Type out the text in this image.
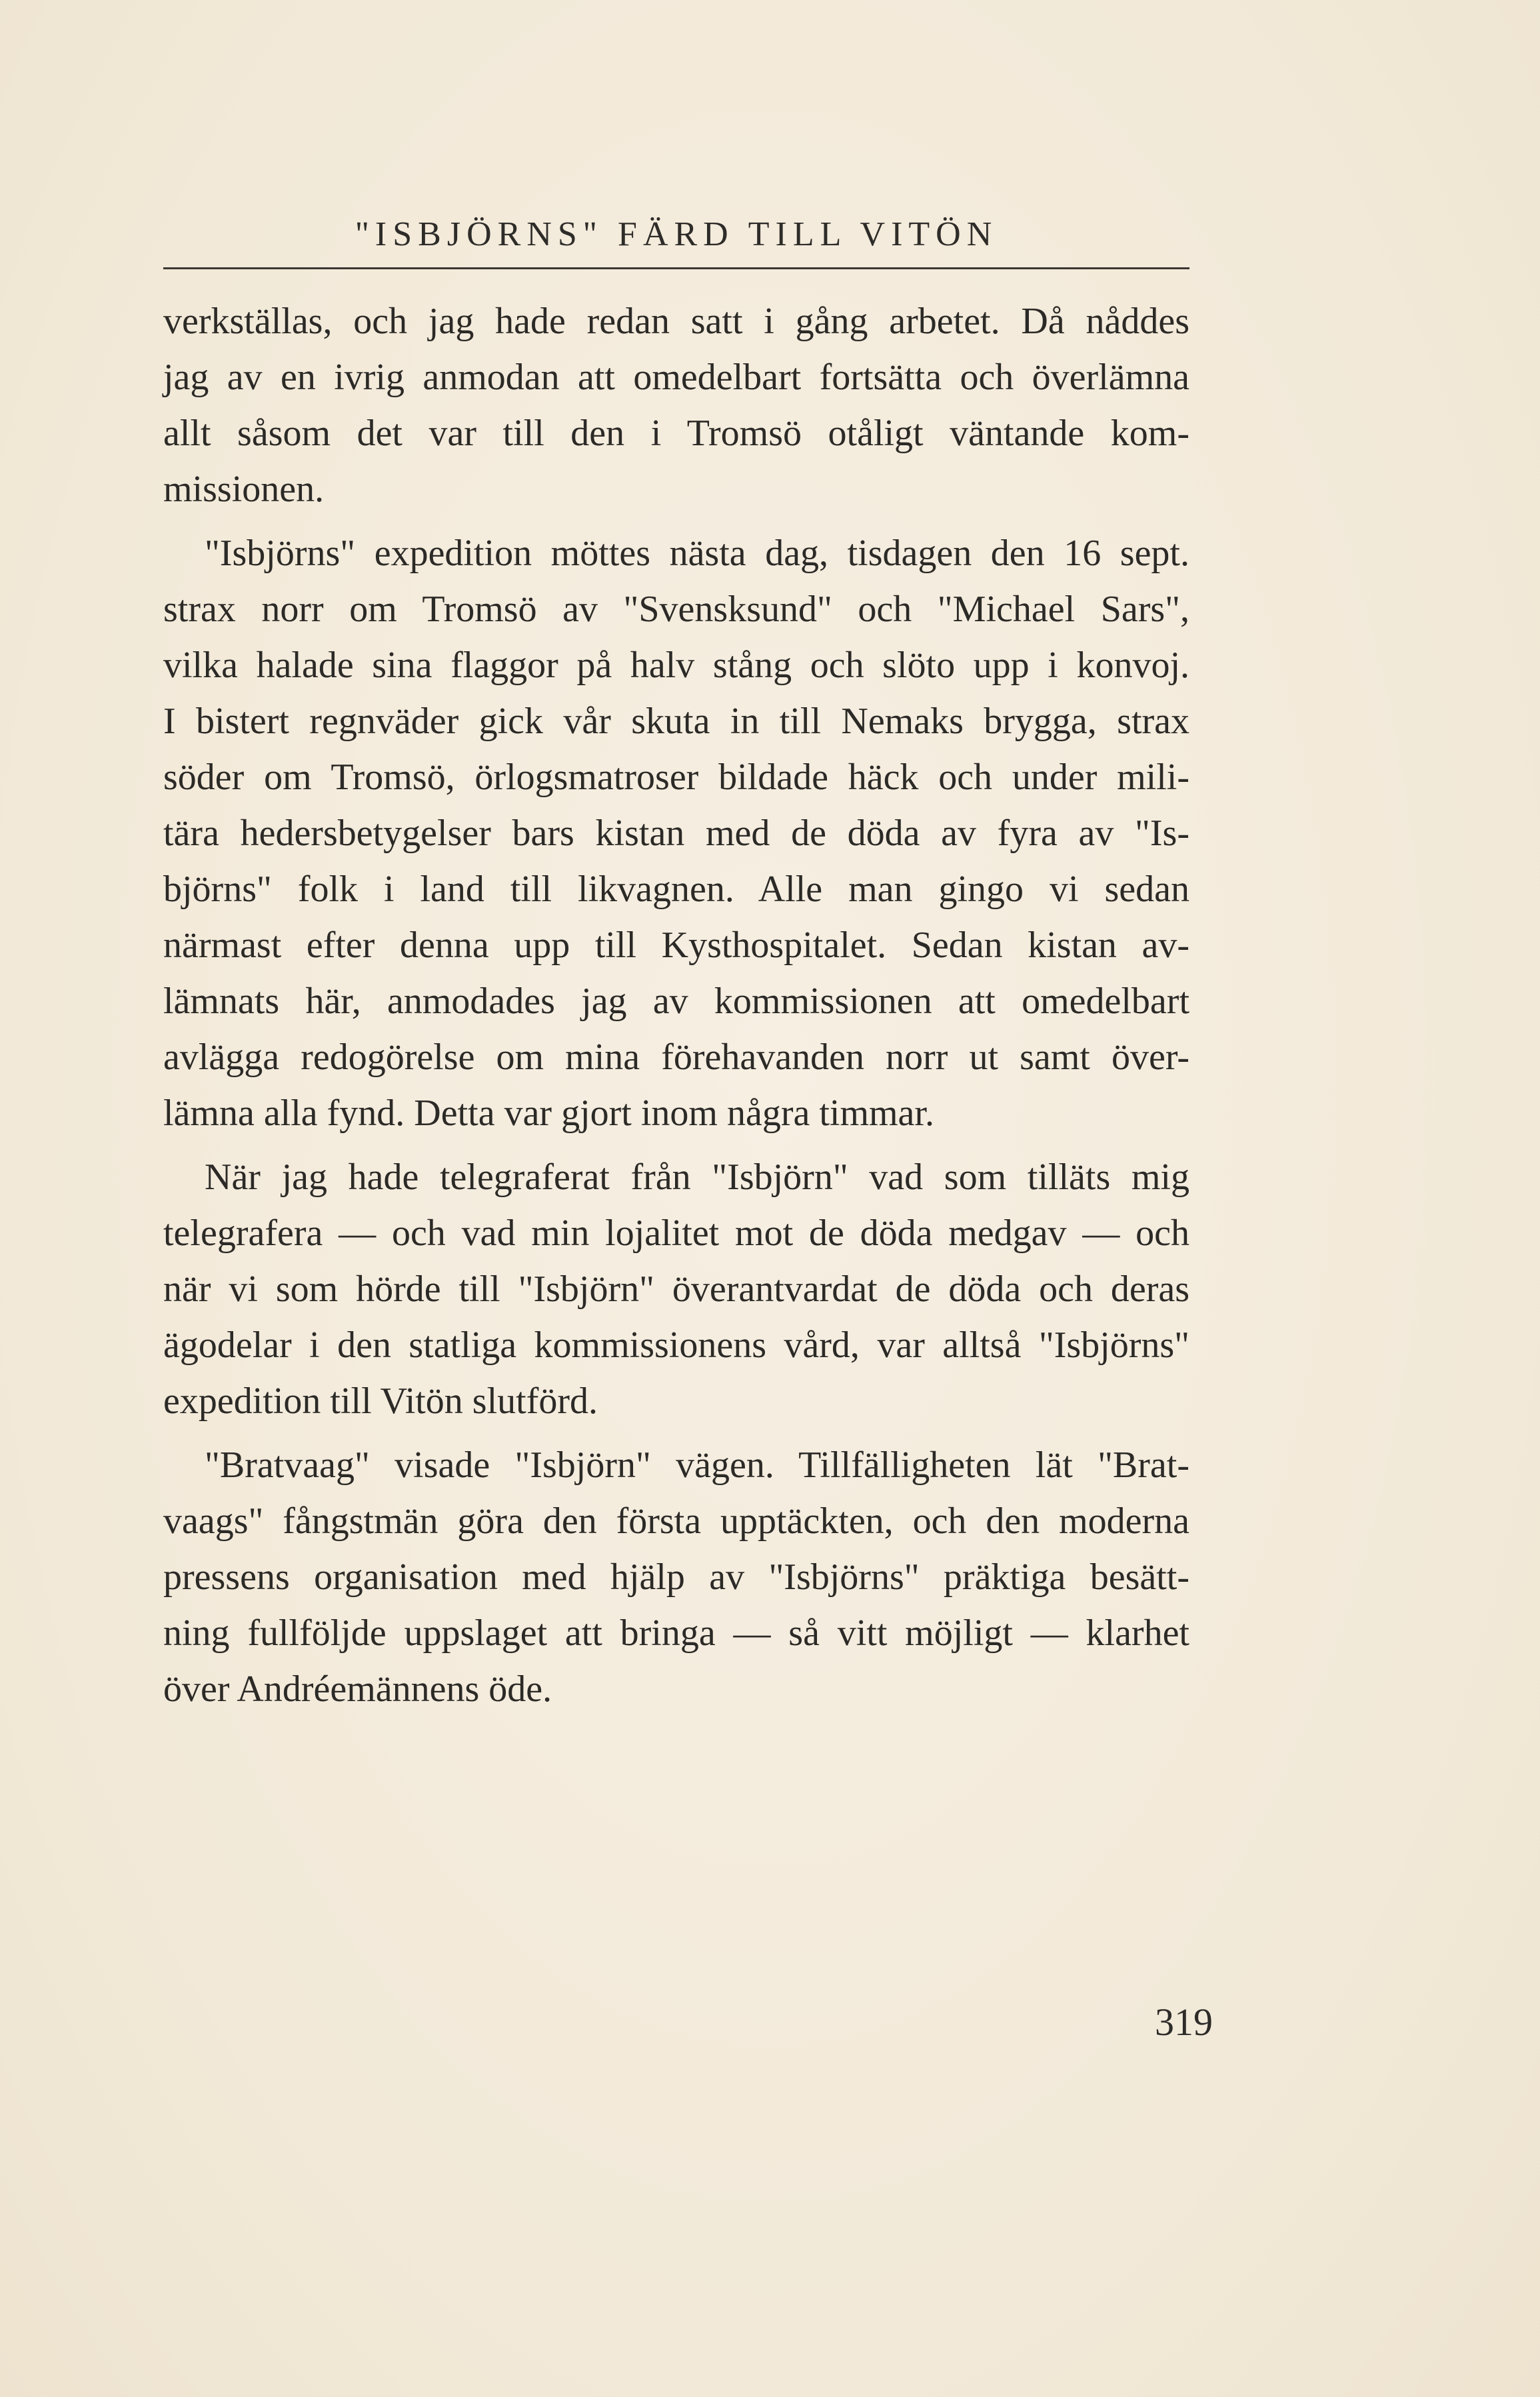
"ISBJÖRNS" FÄRD TILL VITÖN

verkställas, och jag hade redan satt i gång arbetet. Då nåddes
jag av en ivrig anmodan att omedelbart fortsätta och överlämna
allt såsom det var till den i Tromsö otåligt väntande kom-
missionen.

"Isbjörns" expedition möttes nästa dag, tisdagen den 16 sept.
strax norr om Tromsö av "Svensksund" och "Michael Sars",
vilka halade sina flaggor på halv stång och slöto upp i konvoj.
I bistert regnväder gick vår skuta in till Nemaks brygga, strax
söder om Tromsö, örlogsmatroser bildade häck och under mili-
tära hedersbetygelser bars kistan med de döda av fyra av "Is-
björns" folk i land till likvagnen. Alle man gingo vi sedan
närmast efter denna upp till Kysthospitalet. Sedan kistan av-
lämnats här, anmodades jag av kommissionen att omedelbart
avlägga redogörelse om mina förehavanden norr ut samt över-
lämna alla fynd. Detta var gjort inom några timmar.

När jag hade telegraferat från "Isbjörn" vad som tilläts mig
telegrafera — och vad min lojalitet mot de döda medgav — och
när vi som hörde till "Isbjörn" överantvardat de döda och deras
ägodelar i den statliga kommissionens vård, var alltså "Isbjörns"
expedition till Vitön slutförd.

"Bratvaag" visade "Isbjörn" vägen. Tillfälligheten lät "Brat-
vaags" fångstmän göra den första upptäckten, och den moderna
pressens organisation med hjälp av "Isbjörns" präktiga besätt-
ning fullföljde uppslaget att bringa — så vitt möjligt — klarhet
över Andréemännens öde.

319
